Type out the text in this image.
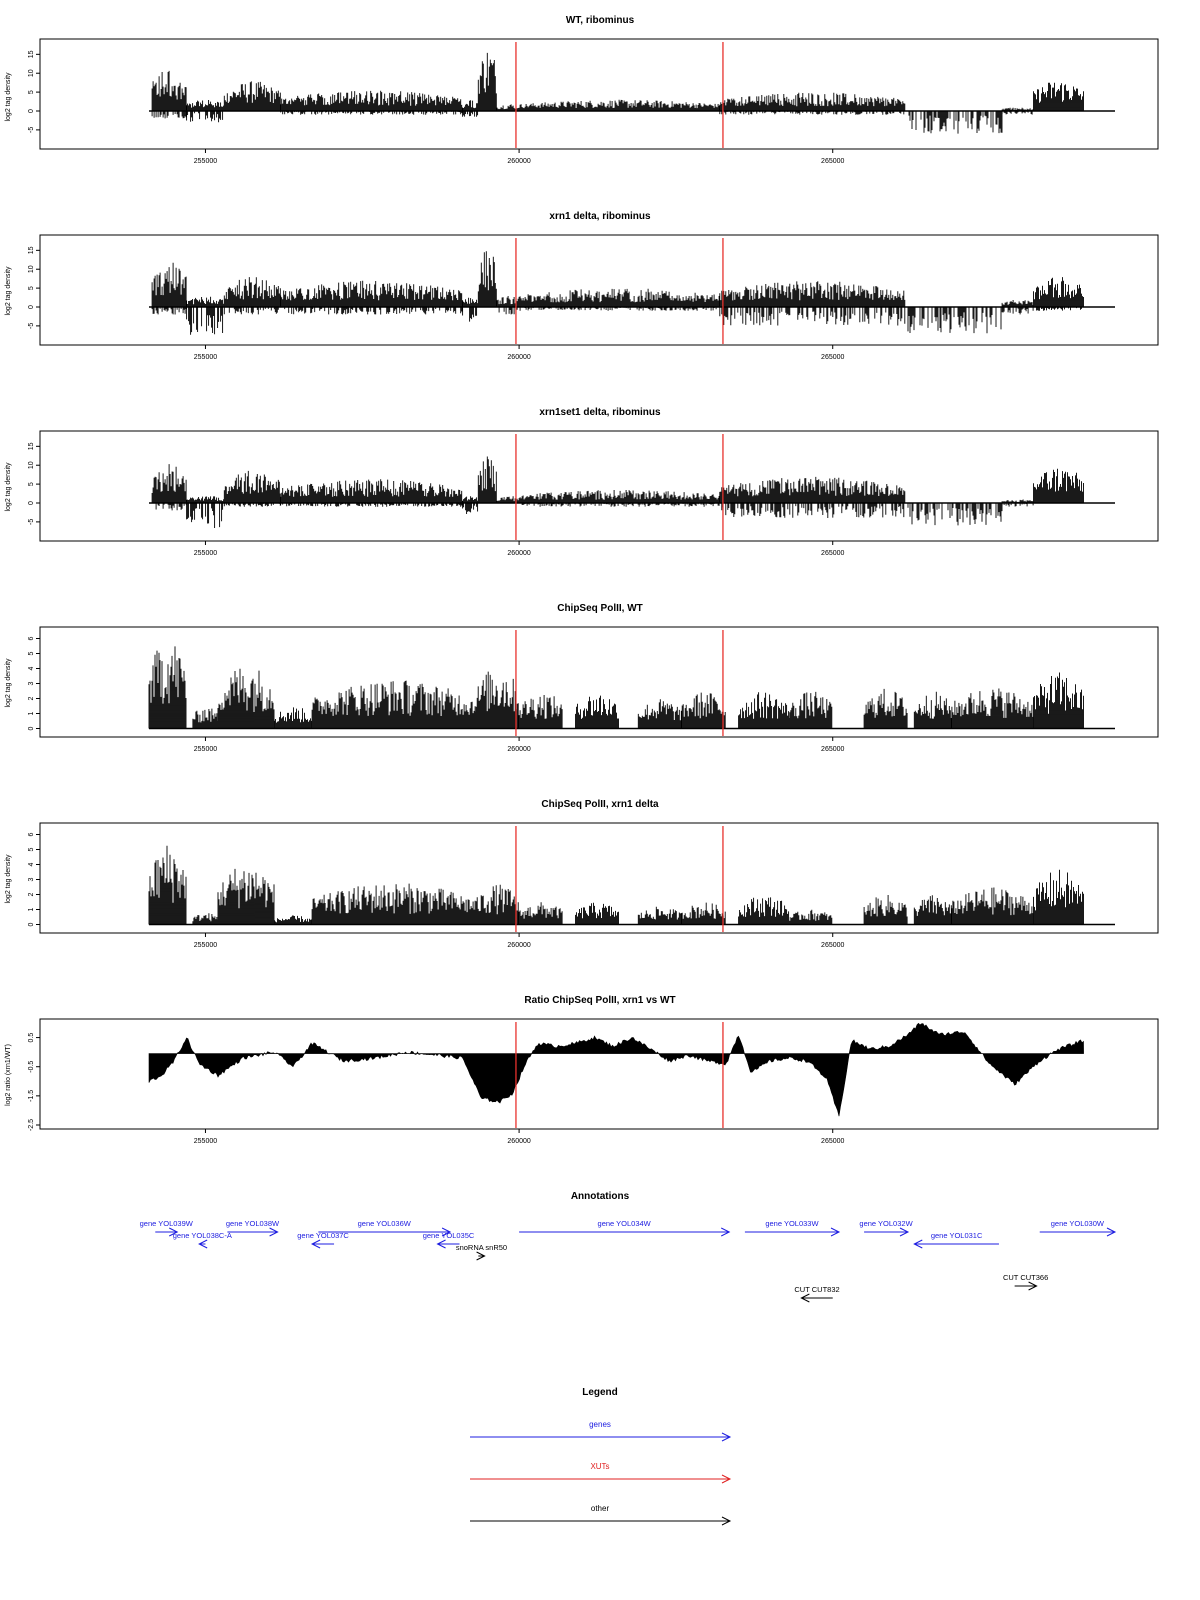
WT, ribominus
log2 tag density
15
10
5
0
-5
255000	260000	265000
xrn1 delta, ribominus
log2 tag density
15
10
5
0
-5
255000	260000	265000
xrn1set1 delta, ribominus
log2 tag density
15
10
5
0
-5
255000	260000	265000
ChipSeq PolII, WT
log2 tag density
6
5
4
3
2
1
0
255000	260000	265000
ChipSeq PolII, xrn1 delta
log2 tag density
6
5
4
3
2
1
0
255000	260000	265000
Ratio ChipSeq PolII, xrn1 vs WT
log2 ratio (xrn1/WT)
0.5
-0.5
-1.5
-2.5
255000	260000	265000
Annotations
gene YOL039W
gene YOL038C-A
gene YOL038W
gene YOL037C
gene YOL036W
gene YOL035C
snoRNA snR50
gene YOL034W	gene YOL033W	gene YOL032W
gene YOL031C
gene YOL030W
CUT CUT832
CUT CUT366
Legend
genes
XUTs
other
